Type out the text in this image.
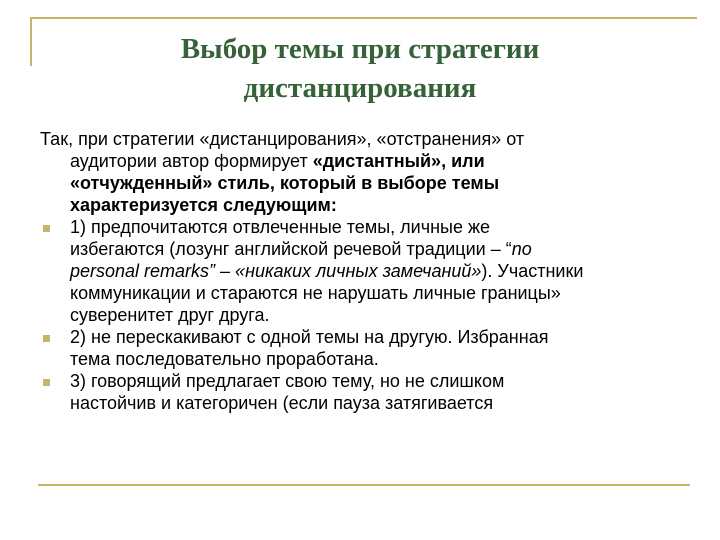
Выбор темы при стратегии
дистанцирования
Так, при стратегии «дистанцирования», «отстранения» от
аудитории автор формирует «дистантный», или
«отчужденный» стиль, который в выборе темы
характеризуется следующим:
1) предпочитаются отвлеченные темы, личные же
избегаются (лозунг английской речевой традиции – “no
personal remarks” – «никаких личных замечаний»). Участники
коммуникации и стараются не нарушать личные границы»
суверенитет друг друга.
2) не перескакивают с одной темы на другую. Избранная
тема последовательно проработана.
3) говорящий предлагает свою тему, но не слишком
настойчив и категоричен (если пауза затягивается
